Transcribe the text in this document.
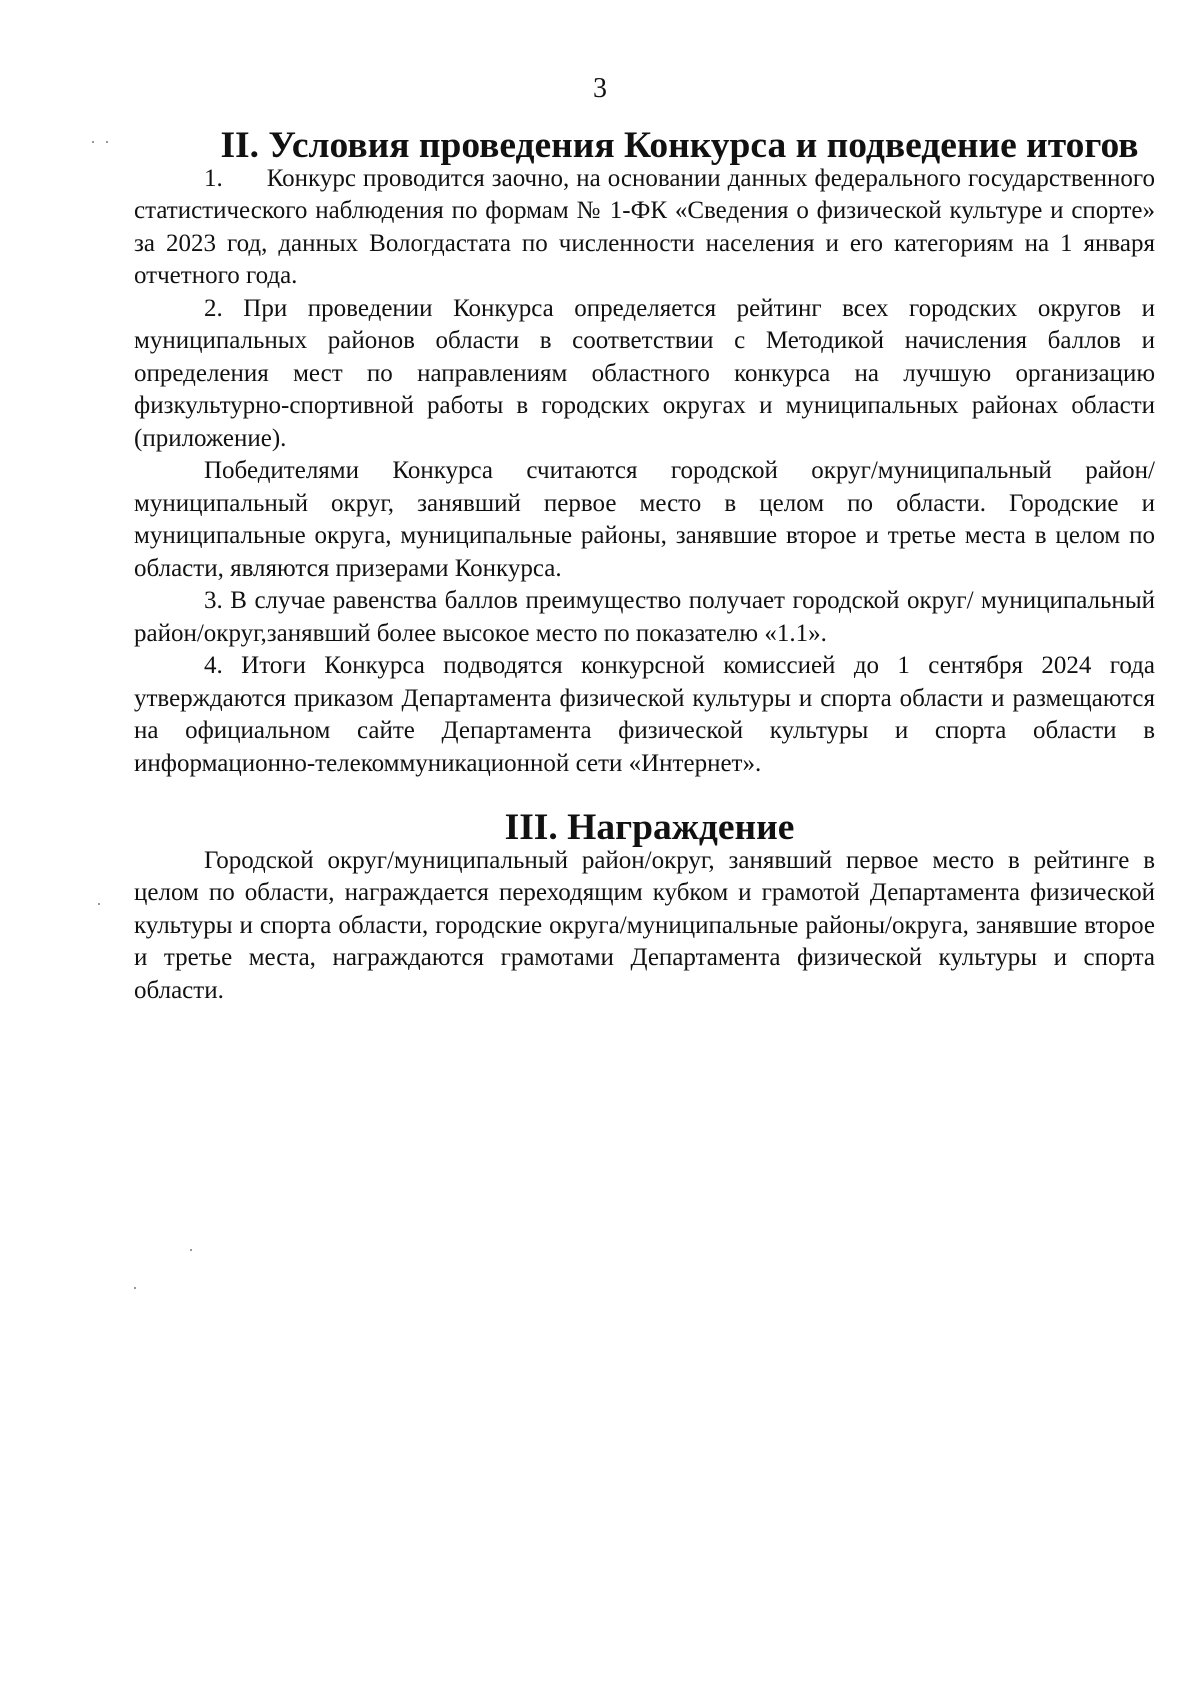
3
II. Условия проведения Конкурса и подведение итогов

1. Конкурс проводится заочно, на основании данных федерального государственного статистического наблюдения по формам № 1-ФК «Сведения о физической культуре и спорте» за 2023 год, данных Вологдастата по численности населения и его категориям на 1 января отчетного года.

2. При проведении Конкурса определяется рейтинг всех городских округов и муниципальных районов области в соответствии с Методикой начисления баллов и определения мест по направлениям областного конкурса на лучшую организацию физкультурно-спортивной работы в городских округах и муниципальных районах области (приложение).

Победителями Конкурса считаются городской округ/муниципальный район/муниципальный округ, занявший первое место в целом по области. Городские и муниципальные округа, муниципальные районы, занявшие второе и третье места в целом по области, являются призерами Конкурса.

3. В случае равенства баллов преимущество получает городской округ/ муниципальный район/округ,занявший более высокое место по показателю «1.1».

4. Итоги Конкурса подводятся конкурсной комиссией до 1 сентября 2024 года утверждаются приказом Департамента физической культуры и спорта области и размещаются на официальном сайте Департамента физической культуры и спорта области в информационно-телекоммуникационной сети «Интернет».

III. Награждение

Городской округ/муниципальный район/округ, занявший первое место в рейтинге в целом по области, награждается переходящим кубком и грамотой Департамента физической культуры и спорта области, городские округа/муниципальные районы/округа, занявшие второе и третье места, награждаются грамотами Департамента физической культуры и спорта области.
